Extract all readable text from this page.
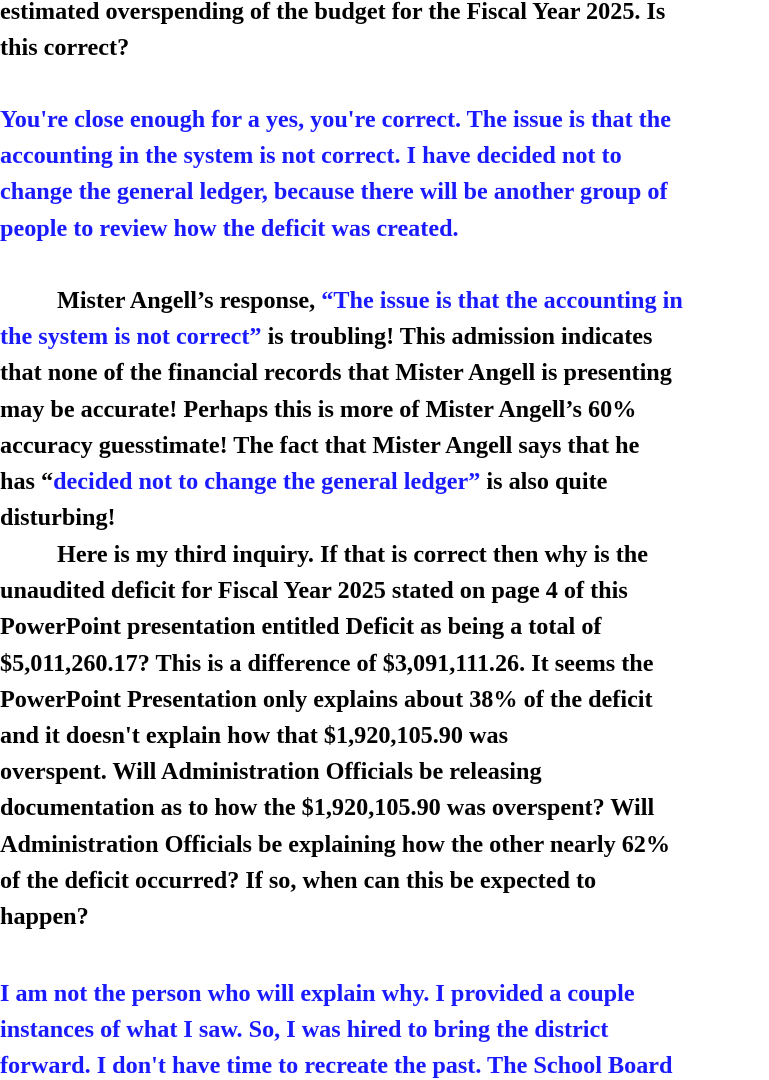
estimated overspending of the budget for the Fiscal Year 2025. Is
this correct?
You're close enough for a yes, you're correct. The issue is that the
accounting in the system is not correct. I have decided not to
change the general ledger, because there will be another group of
people to review how the deficit was created.
Mister Angell’s response, “The issue is that the accounting in
the system is not correct” is troubling! This admission indicates
that none of the financial records that Mister Angell is presenting
may be accurate! Perhaps this is more of Mister Angell’s 60%
accuracy guesstimate! The fact that Mister Angell says that he
has “decided not to change the general ledger” is also quite
disturbing!
Here is my third inquiry. If that is correct then why is the
unaudited deficit for Fiscal Year 2025 stated on page 4 of this
PowerPoint presentation entitled Deficit as being a total of
$5,011,260.17? This is a difference of $3,091,111.26. It seems the
PowerPoint Presentation only explains about 38% of the deficit
and it doesn't explain how that $1,920,105.90 was
overspent. Will Administration Officials be releasing
documentation as to how the $1,920,105.90 was overspent? Will
Administration Officials be explaining how the other nearly 62%
of the deficit occurred? If so, when can this be expected to
happen?
I am not the person who will explain why. I provided a couple
instances of what I saw. So, I was hired to bring the district
forward. I don't have time to recreate the past. The School Board
